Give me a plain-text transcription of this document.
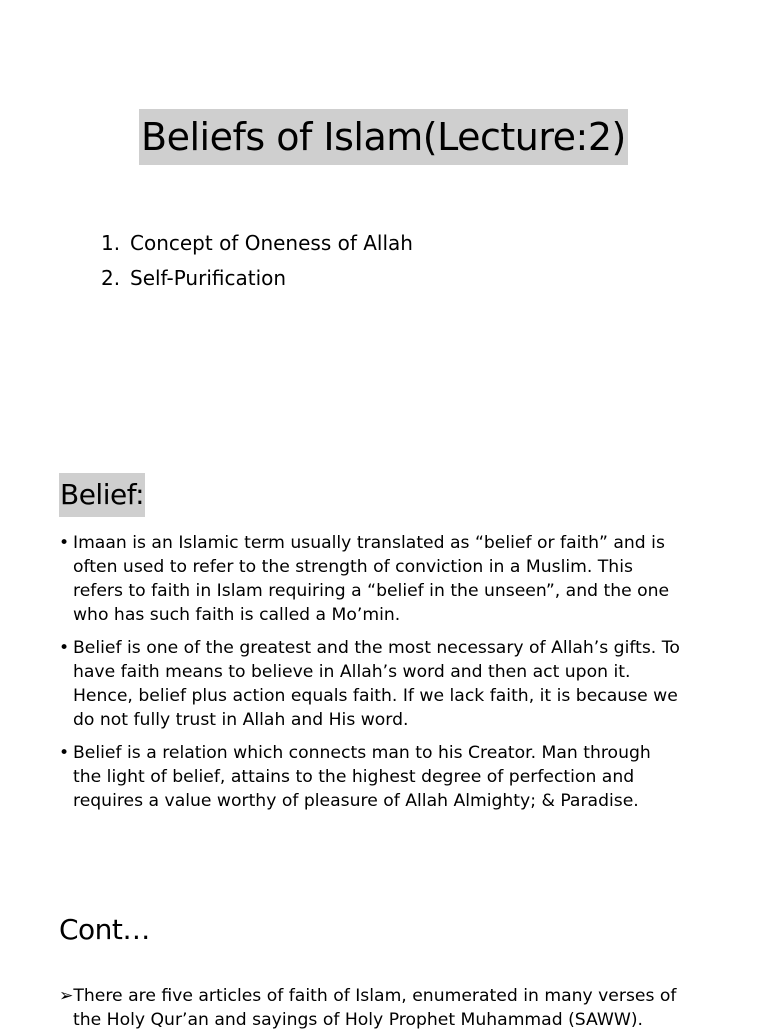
Beliefs of Islam(Lecture:2)
1. Concept of Oneness of Allah
2. Self-Purification
Belief:
• Imaan is an Islamic term usually translated as “belief or faith” and is
often used to refer to the strength of conviction in a Muslim. This
refers to faith in Islam requiring a “belief in the unseen”, and the one
who has such faith is called a Mo’min.
• Belief is one of the greatest and the most necessary of Allah’s gifts. To
have faith means to believe in Allah’s word and then act upon it.
Hence, belief plus action equals faith. If we lack faith, it is because we
do not fully trust in Allah and His word.
• Belief is a relation which connects man to his Creator. Man through
the light of belief, attains to the highest degree of perfection and
requires a value worthy of pleasure of Allah Almighty; & Paradise.
Cont…
➢There are five articles of faith of Islam, enumerated in many verses of
the Holy Qur’an and sayings of Holy Prophet Muhammad (SAWW).
